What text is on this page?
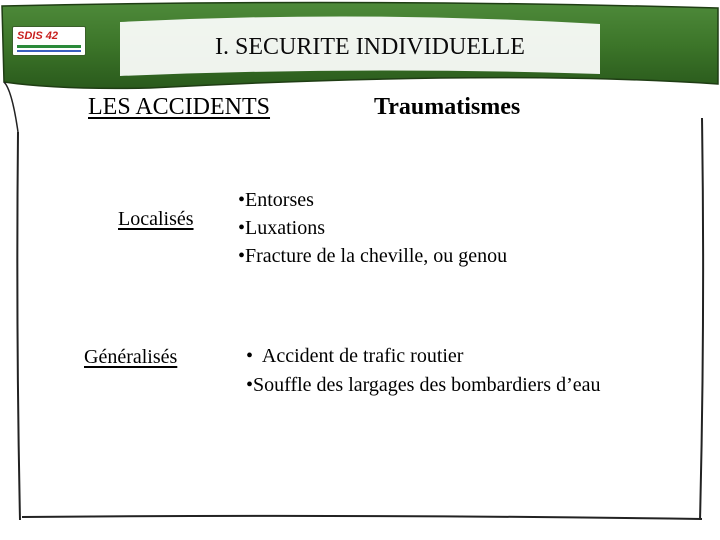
SDIS 42	I. SECURITE INDIVIDUELLE
LES ACCIDENTS	Traumatismes
Localisés
• Entorses
• Luxations
• Fracture de la cheville, ou genou
Généralisés
•	Accident de trafic routier
• Souffle des largages des bombardiers d’eau
